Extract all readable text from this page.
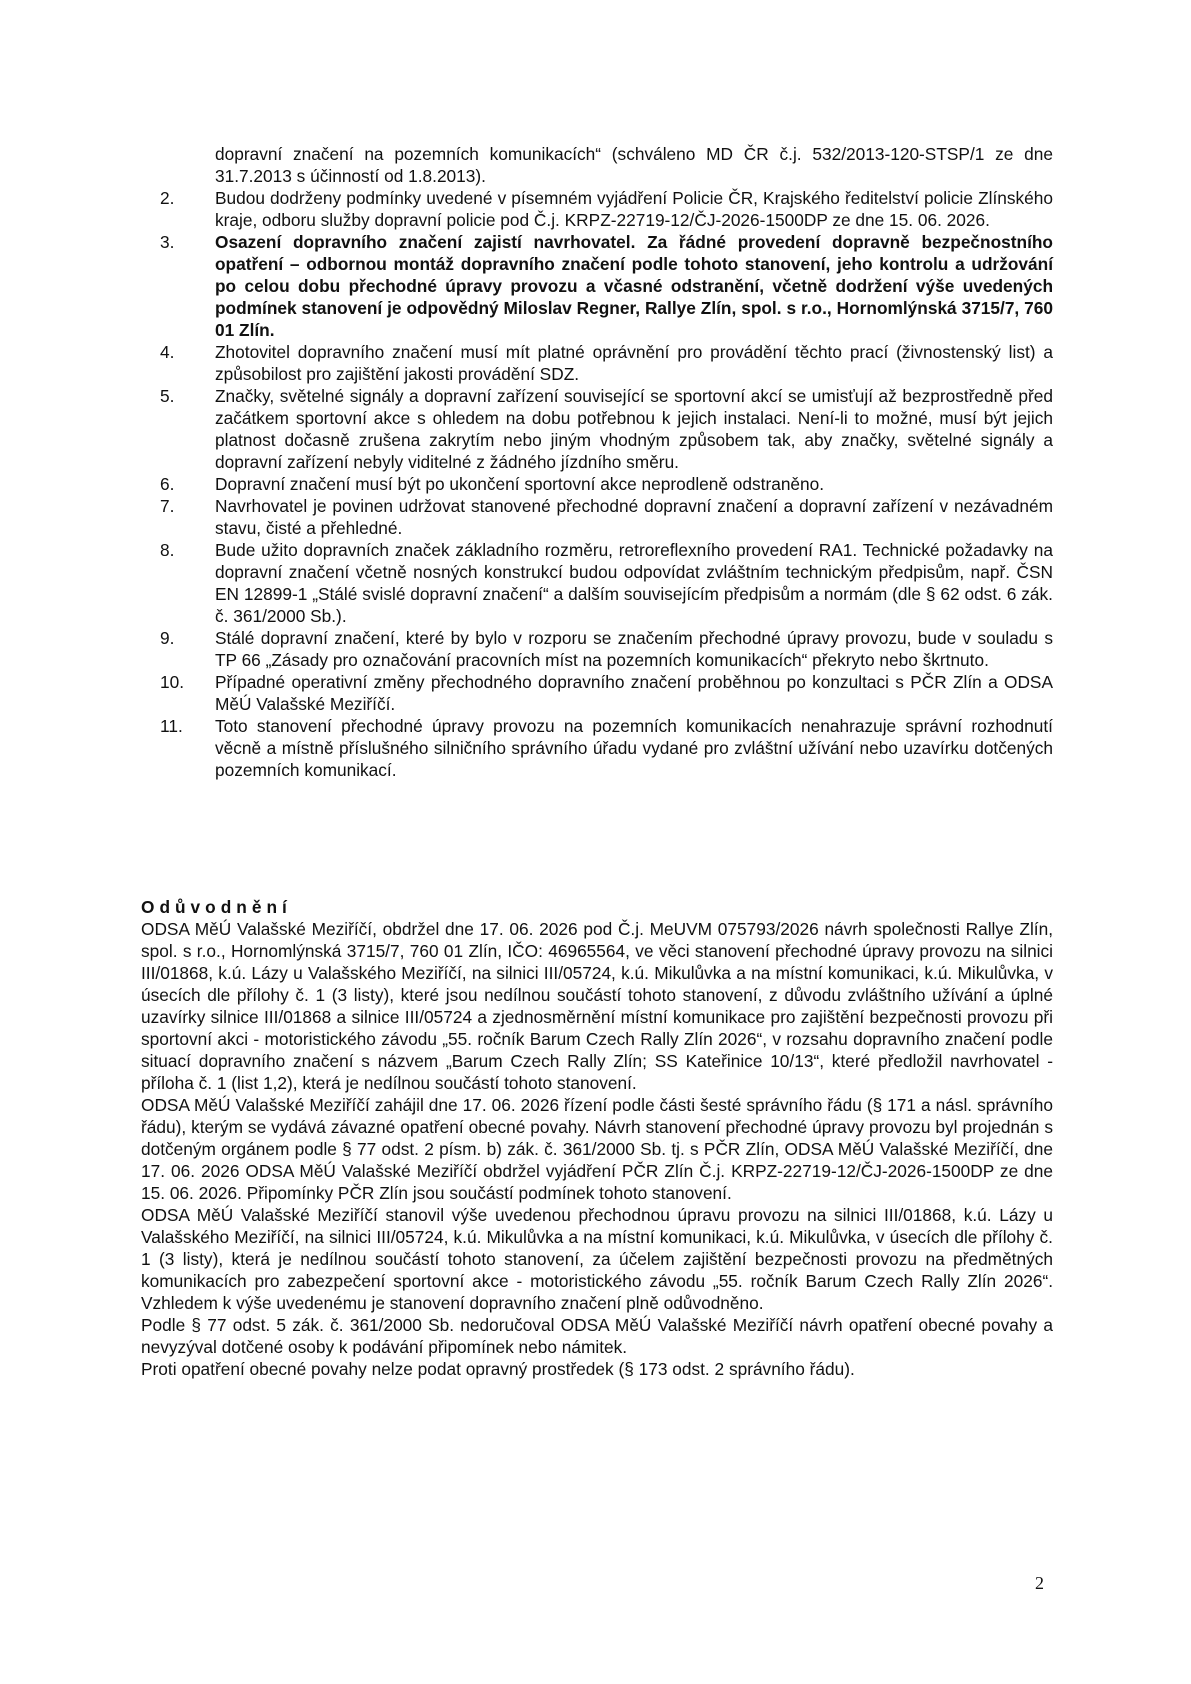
dopravní značení na pozemních komunikacích“ (schváleno MD ČR č.j. 532/2013-120-STSP/1 ze dne 31.7.2013 s účinností od 1.8.2013).
2.	Budou dodrženy podmínky uvedené v písemném vyjádření Policie ČR, Krajského ředitelství policie Zlínského kraje, odboru služby dopravní policie pod Č.j. KRPZ-22719-12/ČJ-2026-1500DP ze dne 15. 06. 2026.
3.	Osazení dopravního značení zajistí navrhovatel. Za řádné provedení dopravně bezpečnostního opatření – odbornou montáž dopravního značení podle tohoto stanovení, jeho kontrolu a udržování po celou dobu přechodné úpravy provozu a včasné odstranění, včetně dodržení výše uvedených podmínek stanovení je odpovědný Miloslav Regner, Rallye Zlín, spol. s r.o., Hornomlýnská 3715/7, 760 01 Zlín.
4.	Zhotovitel dopravního značení musí mít platné oprávnění pro provádění těchto prací (živnostenský list) a způsobilost pro zajištění jakosti provádění SDZ.
5.	Značky, světelné signály a dopravní zařízení související se sportovní akcí se umisťují až bezprostředně před začátkem sportovní akce s ohledem na dobu potřebnou k jejich instalaci. Není-li to možné, musí být jejich platnost dočasně zrušena zakrytím nebo jiným vhodným způsobem tak, aby značky, světelné signály a dopravní zařízení nebyly viditelné z žádného jízdního směru.
6.	Dopravní značení musí být po ukončení sportovní akce neprodleně odstraněno.
7.	Navrhovatel je povinen udržovat stanovené přechodné dopravní značení a dopravní zařízení v nezávadném stavu, čisté a přehledné.
8.	Bude užito dopravních značek základního rozměru, retroreflexního provedení RA1. Technické požadavky na dopravní značení včetně nosných konstrukcí budou odpovídat zvláštním technickým předpisům, např. ČSN EN 12899-1 „Stálé svislé dopravní značení“ a dalším souvisejícím předpisům a normám (dle § 62 odst. 6 zák. č. 361/2000 Sb.).
9.	Stálé dopravní značení, které by bylo v rozporu se značením přechodné úpravy provozu, bude v souladu s TP 66 „Zásady pro označování pracovních míst na pozemních komunikacích“ překryto nebo škrtnuto.
10.	Případné operativní změny přechodného dopravního značení proběhnou po konzultaci s PČR Zlín a ODSA MěÚ Valašské Meziříčí.
11.	Toto stanovení přechodné úpravy provozu na pozemních komunikacích nenahrazuje správní rozhodnutí věcně a místně příslušného silničního správního úřadu vydané pro zvláštní užívání nebo uzavírku dotčených pozemních komunikací.
Odůvodnění

ODSA MěÚ Valašské Meziříčí, obdržel dne 17. 06. 2026 pod Č.j. MeUVM 075793/2026 návrh společnosti Rallye Zlín, spol. s r.o., Hornomlýnská 3715/7, 760 01 Zlín, IČO: 46965564, ve věci stanovení přechodné úpravy provozu na silnici III/01868, k.ú. Lázy u Valašského Meziříčí, na silnici III/05724, k.ú. Mikulůvka a na místní komunikaci, k.ú. Mikulůvka, v úsecích dle přílohy č. 1 (3 listy), které jsou nedílnou součástí tohoto stanovení, z důvodu zvláštního užívání a úplné uzavírky silnice III/01868 a silnice III/05724 a zjednosměrnění místní komunikace pro zajištění bezpečnosti provozu při sportovní akci - motoristického závodu „55. ročník Barum Czech Rally Zlín 2026“, v rozsahu dopravního značení podle situací dopravního značení s názvem „Barum Czech Rally Zlín; SS Kateřinice 10/13“, které předložil navrhovatel - příloha č. 1 (list 1,2), která je nedílnou součástí tohoto stanovení.

ODSA MěÚ Valašské Meziříčí zahájil dne 17. 06. 2026 řízení podle části šesté správního řádu (§ 171 a násl. správního řádu), kterým se vydává závazné opatření obecné povahy. Návrh stanovení přechodné úpravy provozu byl projednán s dotčeným orgánem podle § 77 odst. 2 písm. b) zák. č. 361/2000 Sb. tj. s PČR Zlín, ODSA MěÚ Valašské Meziříčí, dne 17. 06. 2026 ODSA MěÚ Valašské Meziříčí obdržel vyjádření PČR Zlín Č.j. KRPZ-22719-12/ČJ-2026-1500DP ze dne 15. 06. 2026. Připomínky PČR Zlín jsou součástí podmínek tohoto stanovení.

ODSA MěÚ Valašské Meziříčí stanovil výše uvedenou přechodnou úpravu provozu na silnici III/01868, k.ú. Lázy u Valašského Meziříčí, na silnici III/05724, k.ú. Mikulůvka a na místní komunikaci, k.ú. Mikulůvka, v úsecích dle přílohy č. 1 (3 listy), která je nedílnou součástí tohoto stanovení, za účelem zajištění bezpečnosti provozu na předmětných komunikacích pro zabezpečení sportovní akce - motoristického závodu „55. ročník Barum Czech Rally Zlín 2026“. Vzhledem k výše uvedenému je stanovení dopravního značení plně odůvodněno.

Podle § 77 odst. 5 zák. č. 361/2000 Sb. nedoručoval ODSA MěÚ Valašské Meziříčí návrh opatření obecné povahy a nevyzýval dotčené osoby k podávání připomínek nebo námitek.

Proti opatření obecné povahy nelze podat opravný prostředek (§ 173 odst. 2 správního řádu).

2
